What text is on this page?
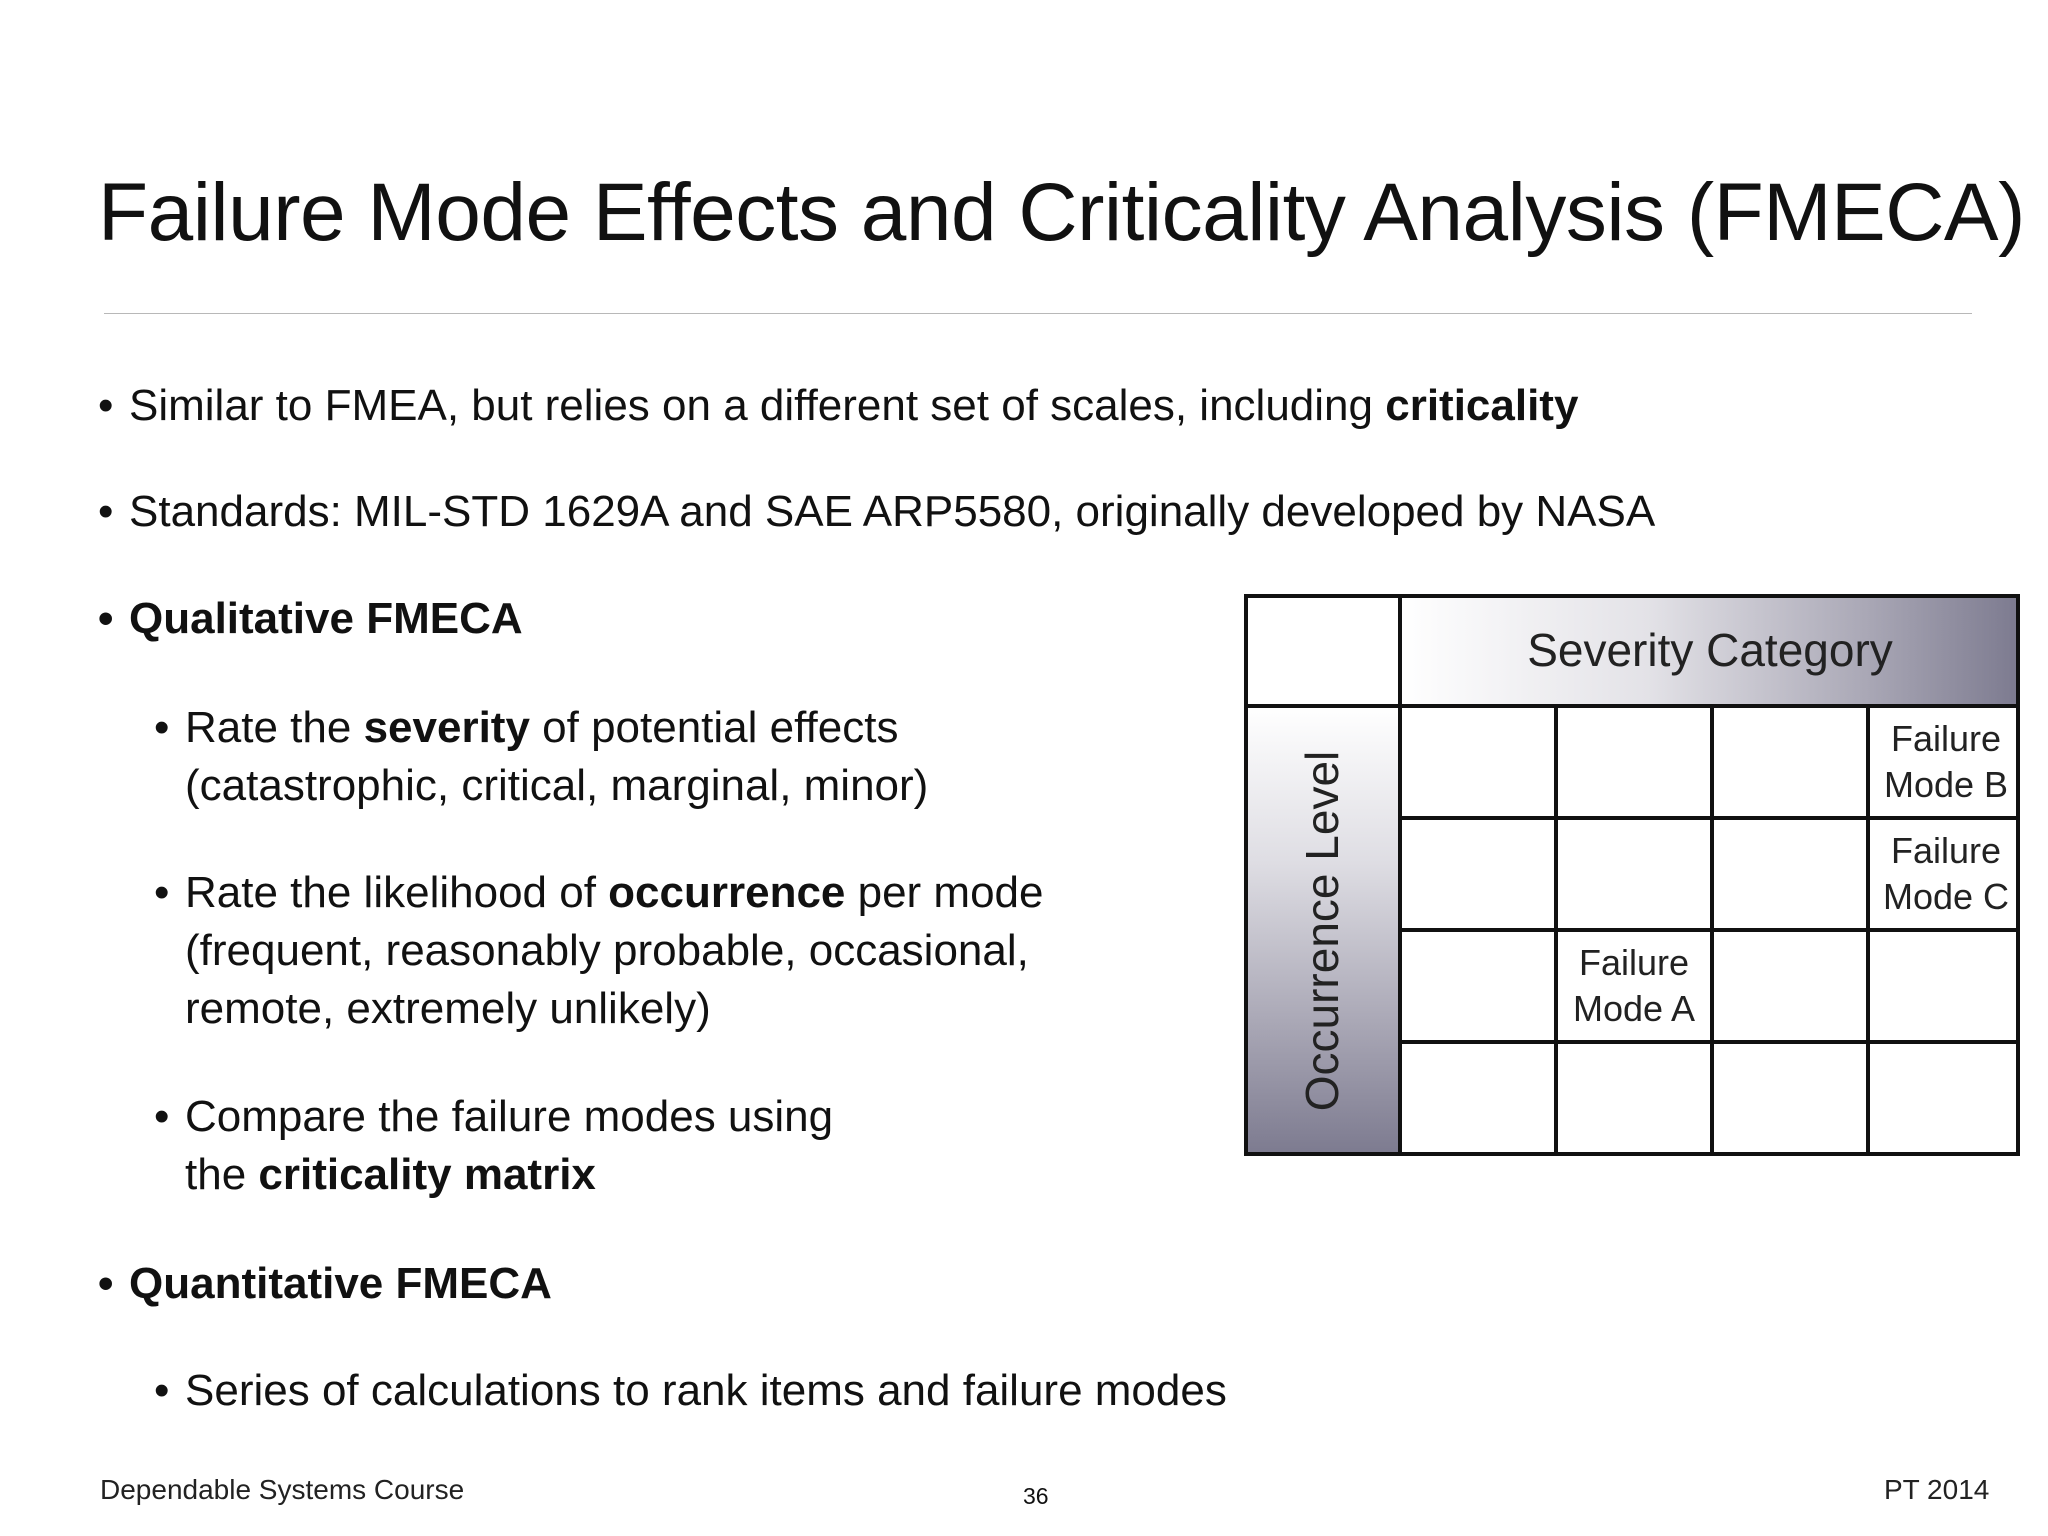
Failure Mode Effects and Criticality Analysis (FMECA)
• Similar to FMEA, but relies on a different set of scales, including criticality
• Standards: MIL-STD 1629A and SAE ARP5580, originally developed by NASA
• Qualitative FMECA
• Rate the severity of potential effects
(catastrophic, critical, marginal, minor)
• Rate the likelihood of occurrence per mode
(frequent, reasonably probable, occasional,
remote, extremely unlikely)
• Compare the failure modes using
the criticality matrix
• Quantitative FMECA
• Series of calculations to rank items and failure modes
Severity Category
Occurrence Level
Failure
Mode B
Failure
Mode C
Failure
Mode A
Dependable Systems Course	36	PT 2014
